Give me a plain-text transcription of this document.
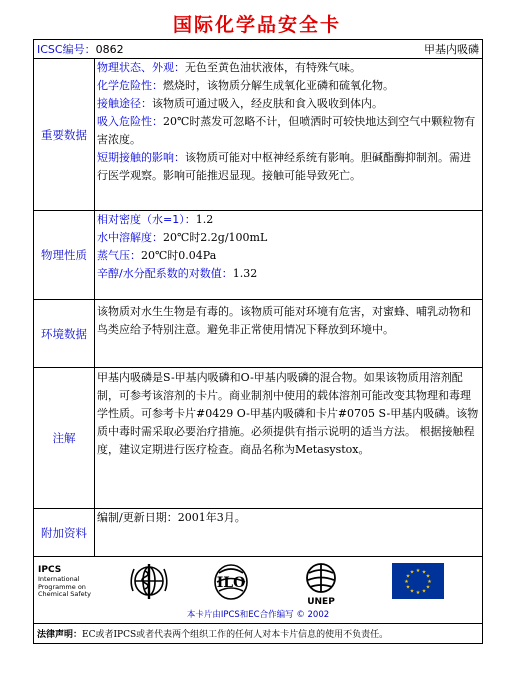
国际化学品安全卡
ICSC编号：0862	甲基内吸磷
重要数据

物理状态、外观：无色至黄色油状液体，有特殊气味。

化学危险性：燃烧时，该物质分解生成氧化亚磷和硫氧化物。

接触途径：该物质可通过吸入，经皮肤和食入吸收到体内。

吸入危险性：20℃时蒸发可忽略不计，但喷洒时可较快地达到空气中颗粒物有害浓度。

短期接触的影响：该物质可能对中枢神经系统有影响。胆碱酯酶抑制剂。需进行医学观察。影响可能推迟显现。接触可能导致死亡。

物理性质

相对密度（水=1）：1.2

水中溶解度：20℃时2.2g/100mL

蒸气压：20℃时0.04Pa

辛醇/水分配系数的对数值：1.32

环境数据

该物质对水生生物是有毒的。该物质可能对环境有危害，对蜜蜂、哺乳动物和鸟类应给予特别注意。避免非正常使用情况下释放到环境中。

注解

甲基内吸磷是S-甲基内吸磷和O-甲基内吸磷的混合物。如果该物质用溶剂配制，可参考该溶剂的卡片。商业制剂中使用的载体溶剂可能改变其物理和毒理学性质。可参考卡片#0429 O-甲基内吸磷和卡片#0705 S-甲基内吸磷。该物质中毒时需采取必要治疗措施。必须提供有指示说明的适当方法。 根据接触程度，建议定期进行医疗检查。商品名称为Metasystox。

附加资料

编制/更新日期：2001年3月。

IPCS
International
Programme on
Chemical Safety
ILO
UNEP
★ ★
★
★
★
★
★
★
★
★
★
★
本卡片由IPCS和EC合作编写 © 2002
法律声明： EC或者IPCS或者代表两个组织工作的任何人对本卡片信息的使用不负责任。
